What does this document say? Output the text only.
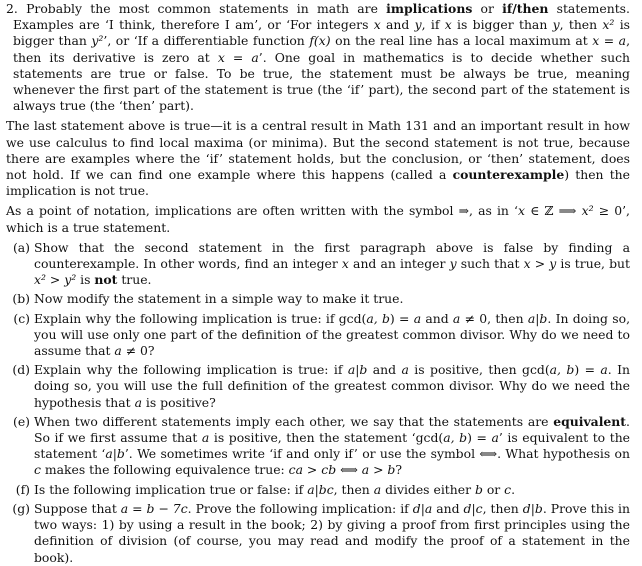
2. Probably the most common statements in math are implications or if/then statements. Examples are ‘I think, therefore I am’, or ‘For integers x and y, if x is bigger than y, then x² is bigger than y²’, or ‘If a differentiable function f(x) on the real line has a local maximum at x = a, then its derivative is zero at x = a’. One goal in mathematics is to decide whether such statements are true or false. To be true, the statement must be always be true, meaning whenever the first part of the statement is true (the ‘if’ part), the second part of the statement is always true (the ‘then’ part).

The last statement above is true—it is a central result in Math 131 and an important result in how we use calculus to find local maxima (or minima). But the second statement is not true, because there are examples where the ‘if’ statement holds, but the conclusion, or ‘then’ statement, does not hold. If we can find one example where this happens (called a counterexample) then the implication is not true.

As a point of notation, implications are often written with the symbol ⇒, as in ‘x ∈ ℤ ⟹ x² ≥ 0’, which is a true statement.

(a) Show that the second statement in the first paragraph above is false by finding a counterexample. In other words, find an integer x and an integer y such that x > y is true, but x² > y² is not true.
(b) Now modify the statement in a simple way to make it true.
(c) Explain why the following implication is true: if gcd(a, b) = a and a ≠ 0, then a|b. In doing so, you will use only one part of the definition of the greatest common divisor. Why do we need to assume that a ≠ 0?
(d) Explain why the following implication is true: if a|b and a is positive, then gcd(a, b) = a. In doing so, you will use the full definition of the greatest common divisor. Why do we need the hypothesis that a is positive?
(e) When two different statements imply each other, we say that the statements are equivalent. So if we first assume that a is positive, then the statement ‘gcd(a, b) = a’ is equivalent to the statement ‘a|b’. We sometimes write ‘if and only if’ or use the symbol ⟺. What hypothesis on c makes the following equivalence true: ca > cb ⟺ a > b?
(f) Is the following implication true or false: if a|bc, then a divides either b or c.
(g) Suppose that a = b − 7c. Prove the following implication: if d|a and d|c, then d|b. Prove this in two ways: 1) by using a result in the book; 2) by giving a proof from first principles using the definition of division (of course, you may read and modify the proof of a statement in the book).
